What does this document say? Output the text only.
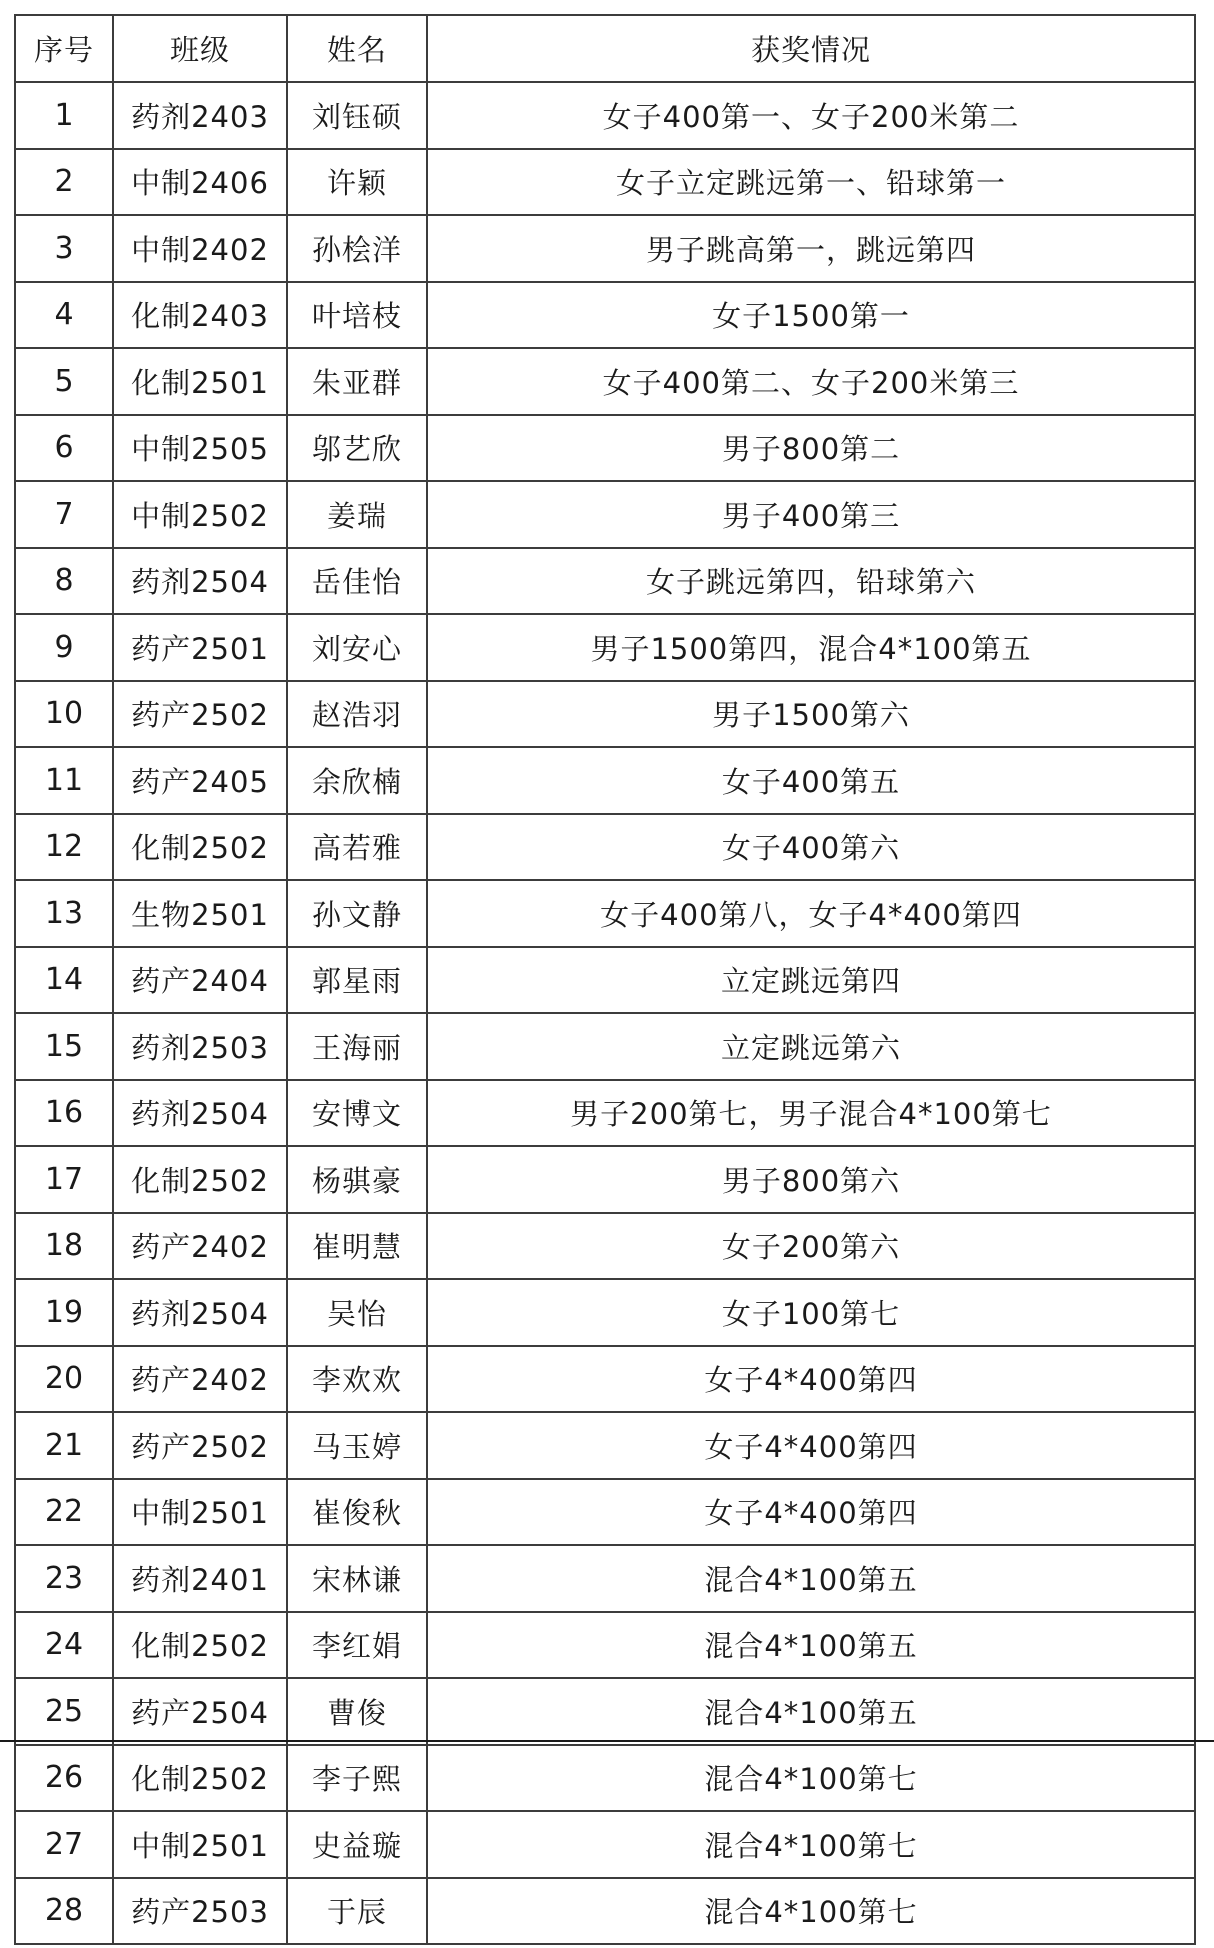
序号	班级	姓名	获奖情况
1	药剂2403	刘钰硕	女子400第一、女子200米第二
2	中制2406	许颖	女子立定跳远第一、铅球第一
3	中制2402	孙桧洋	男子跳高第一，跳远第四
4	化制2403	叶培枝	女子1500第一
5	化制2501	朱亚群	女子400第二、女子200米第三
6	中制2505	邬艺欣	男子800第二
7	中制2502	姜瑞	男子400第三
8	药剂2504	岳佳怡	女子跳远第四，铅球第六
9	药产2501	刘安心	男子1500第四，混合4*100第五
10	药产2502	赵浩羽	男子1500第六
11	药产2405	余欣楠	女子400第五
12	化制2502	高若雅	女子400第六
13	生物2501	孙文静	女子400第八，女子4*400第四
14	药产2404	郭星雨	立定跳远第四
15	药剂2503	王海丽	立定跳远第六
16	药剂2504	安博文	男子200第七，男子混合4*100第七
17	化制2502	杨骐豪	男子800第六
18	药产2402	崔明慧	女子200第六
19	药剂2504	吴怡	女子100第七
20	药产2402	李欢欢	女子4*400第四
21	药产2502	马玉婷	女子4*400第四
22	中制2501	崔俊秋	女子4*400第四
23	药剂2401	宋林谦	混合4*100第五
24	化制2502	李红娟	混合4*100第五
25	药产2504	曹俊	混合4*100第五
26	化制2502	李子熙	混合4*100第七
27	中制2501	史益璇	混合4*100第七
28	药产2503	于辰	混合4*100第七
